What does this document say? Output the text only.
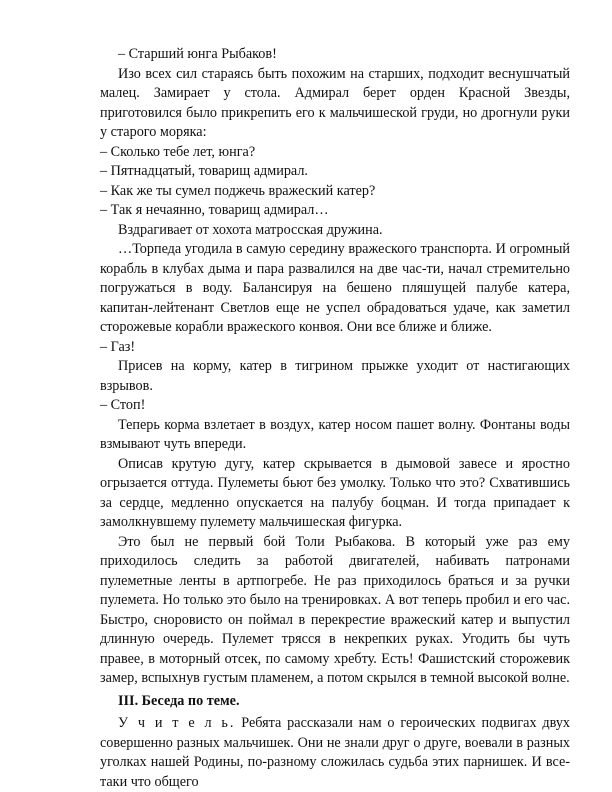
– Старший юнга Рыбаков!

Изо всех сил стараясь быть похожим на старших, подходит веснушчатый малец. Замирает у стола. Адмирал берет орден Красной Звезды, приготовился было прикрепить его к мальчишеской груди, но дрогнули руки у старого моряка:

– Сколько тебе лет, юнга?

– Пятнадцатый, товарищ адмирал.

– Как же ты сумел поджечь вражеский катер?

– Так я нечаянно, товарищ адмирал…

Вздрагивает от хохота матросская дружина.

…Торпеда угодила в самую середину вражеского транспорта. И огромный корабль в клубах дыма и пара развалился на две час-ти, начал стремительно погружаться в воду. Балансируя на бешено пляшущей палубе катера, капитан-лейтенант Светлов еще не успел обрадоваться удаче, как заметил сторожевые корабли вражеского конвоя. Они все ближе и ближе.

– Газ!

Присев на корму, катер в тигрином прыжке уходит от настигающих взрывов.

– Стоп!

Теперь корма взлетает в воздух, катер носом пашет волну. Фонтаны воды взмывают чуть впереди.

Описав крутую дугу, катер скрывается в дымовой завесе и яростно огрызается оттуда. Пулеметы бьют без умолку. Только что это? Схватившись за сердце, медленно опускается на палубу боцман. И тогда припадает к замолкнувшему пулемету мальчишеская фигурка.

Это был не первый бой Толи Рыбакова. В который уже раз ему приходилось следить за работой двигателей, набивать патронами пулеметные ленты в артпогребе. Не раз приходилось браться и за ручки пулемета. Но только это было на тренировках. А вот теперь пробил и его час. Быстро, сноровисто он поймал в перекрестие вражеский катер и выпустил длинную очередь. Пулемет трясся в некрепких руках. Угодить бы чуть правее, в моторный отсек, по самому хребту. Есть! Фашистский сторожевик замер, вспыхнув густым пламенем, а потом скрылся в темной высокой волне.

III. Беседа по теме.

У ч и т е л ь. Ребята рассказали нам о героических подвигах двух совершенно разных мальчишек. Они не знали друг о друге, воевали в разных уголках нашей Родины, по-разному сложилась судьба этих парнишек. И все-таки что общего
